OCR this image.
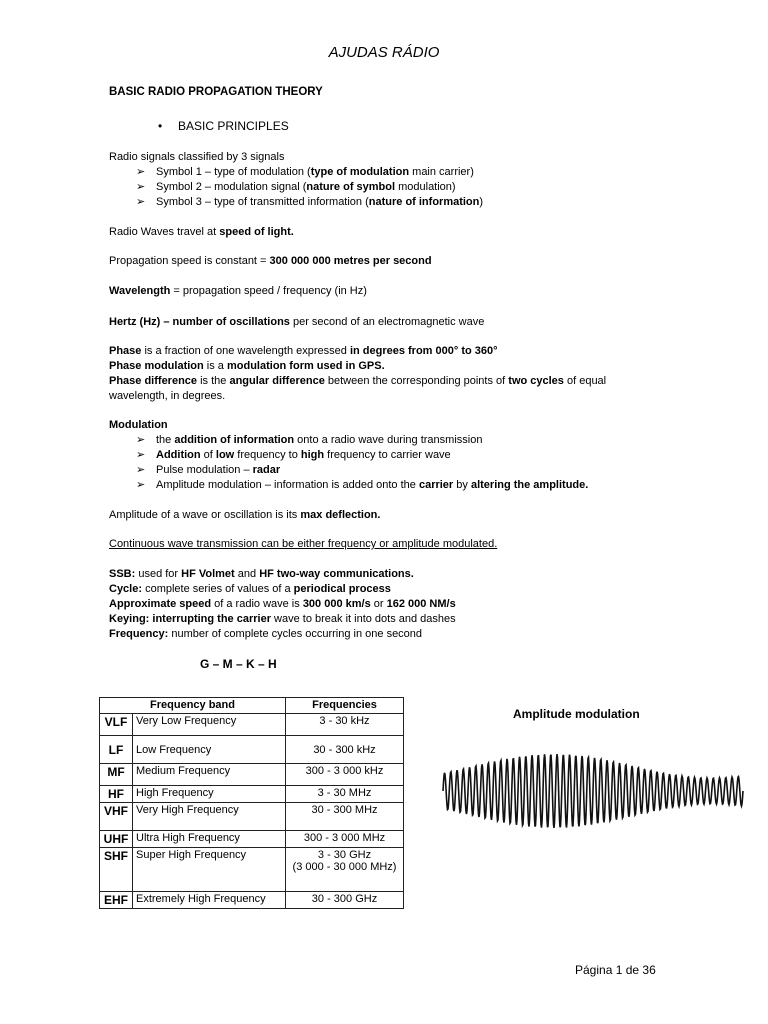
AJUDAS RÁDIO
BASIC RADIO PROPAGATION THEORY
• BASIC PRINCIPLES
Radio signals classified by 3 signals
➢ Symbol 1 – type of modulation (type of modulation main carrier)
➢ Symbol 2 – modulation signal (nature of symbol modulation)
➢ Symbol 3 – type of transmitted information (nature of information)
Radio Waves travel at speed of light.
Propagation speed is constant = 300 000 000 metres per second
Wavelength = propagation speed / frequency (in Hz)
Hertz (Hz) – number of oscillations per second of an electromagnetic wave
Phase is a fraction of one wavelength expressed in degrees from 000° to 360°
Phase modulation is a modulation form used in GPS.
Phase difference is the angular difference between the corresponding points of two cycles of equal
wavelength, in degrees.
Modulation
➢ the addition of information onto a radio wave during transmission
➢ Addition of low frequency to high frequency to carrier wave
➢ Pulse modulation – radar
➢ Amplitude modulation – information is added onto the carrier by altering the amplitude.
Amplitude of a wave or oscillation is its max deflection.
Continuous wave transmission can be either frequency or amplitude modulated.
SSB: used for HF Volmet and HF two-way communications.
Cycle: complete series of values of a periodical process
Approximate speed of a radio wave is 300 000 km/s or 162 000 NM/s
Keying: interrupting the carrier wave to break it into dots and dashes
Frequency: number of complete cycles occurring in one second
G – M – K – H
Frequency band		Frequencies
VLF	Very Low Frequency	3 - 30 kHz
LF	Low Frequency	30 - 300 kHz
MF	Medium Frequency	300 - 3 000 kHz
HF	High Frequency	3 - 30 MHz
VHF	Very High Frequency	30 - 300 MHz
UHF	Ultra High Frequency	300 - 3 000 MHz
SHF	Super High Frequency	3 - 30 GHz
(3 000 - 30 000 MHz)

EHF	Extremely High Frequency	30 - 300 GHz
Amplitude modulation
Página 1 de 36
